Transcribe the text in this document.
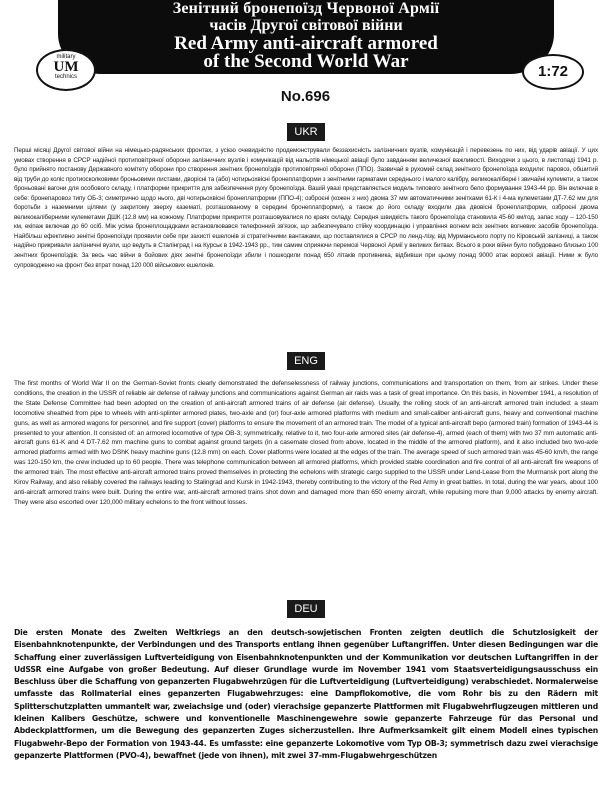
Зенітний бронепоїзд Червоної Армії
часів Другої світової війни
Red Army anti-aircraft armored
of the Second World War
military
UM
technics	1:72
No.696
UKR

Перші місяці Другої світової війни на німецько-радянських фронтах, з усією очевидністю продемонстрували беззахисність залізничних вузлів, комунікацій і перевезень по них, від ударів авіації. У цих умовах створення в СРСР надійної протиповітряної оборони залізничних вузлів і комунікацій від нальотів німецької авіації було завданням величезної важливості. Виходячи з цього, в листопаді 1941 р. було прийнято постанову Державного комітету оборони про створення зенітних бронепоїздів протиповітряної оборони (ППО). Зазвичай в рухомий склад зенітного бронепоїзда входили: паровоз, обшитий від труби до коліс протиосколковими броньовими листами, дворісні та (або) чотирьохвісні бронеплатформи з зенітними гарматами середнього і малого калібру, великокаліберні і звичайні кулемети, а також броньовані вагони для особового складу, і платформи прикриття для забезпечення руху бронепоїзда. Вашій увазі представляється модель типового зенітного бепо формування 1943-44 рр. Він включав в себе: бронепаровоз типу ОБ-3; симетрично щодо нього, дві чотирьохвісні бронеплатформи (ППО-4); озброєні (кожен з них) двома 37 мм автоматичними зенітками 61-К і 4-ма кулеметами ДТ-7.62 мм для боротьби з наземними цілями (у закритому зверху казематі, розташованому в середині бронеплатформи), а також до його складу входили два двовісні бронеплатформи, озброєні двома великокаліберними кулеметами ДШК (12.8 мм) на кожному. Платформи прикриття розташовувалися по краях складу. Середня швидкість такого бронепоїзда становила 45-60 км/год, запас ходу – 120-150 км, екіпаж включав до 60 осіб. Між усіма бронеплощадками встановлювався телефонний зв'язок, що забезпечувало стійку координацію і управління вогнем всіх зенітних вогневих засобів бронепоїзда. Найбільш ефективно зенітні бронепоїзди проявили себе при захисті ешелонів зі стратегічними вантажами, що поставлялися в СРСР по ленд-лізу, від Мурманського порту по Кіровській залізниці, а також надійно прикривали залізничні вузли, що ведуть в Сталінград і на Курськ в 1942-1943 рр., тим самим сприяючи перемозі Червоної Армії у великих битвах. Всього в роки війни було побудовано близько 100 зенітних бронепоїздів. За весь час війни в бойових діях зенітні бронепоїзди збили і пошкодили понад 650 літаків противника, відбивши при цьому понад 9000 атак ворожої авіації. Ними ж було супроводжено на фронт без втрат понад 120 000 військових ешелонів.

ENG

The first months of World War II on the German-Soviet fronts clearly demonstrated the defenselessness of railway junctions, communications and transportation on them, from air strikes. Under these conditions, the creation in the USSR of reliable air defense of railway junctions and communications against German air raids was a task of great importance. On this basis, in November 1941, a resolution of the State Defense Committee had been adopted on the creation of anti-aircraft armored trains of air defense (air defense). Usually, the rolling stock of an anti-aircraft armored train included: a steam locomotive sheathed from pipe to wheels with anti-splinter armored plates, two-axle and (or) four-axle armored platforms with medium and small-caliber anti-aircraft guns, heavy and conventional machine guns, as well as armored wagons for personnel, and fire support (cover) platforms to ensure the movement of an armored train. The model of a typical anti-aircraft bepo (armored train) formation of 1943-44 is presented to your attention. It consisted of: an armored locomotive of type OB-3; symmetrically, relative to it, two four-axle armored sites (air defense-4), armed (each of them) with two 37 mm automatic anti-aircraft guns 61-K and 4 DT-7.62 mm machine guns to combat against ground targets (in a casemate closed from above, located in the middle of the armored platform), and it also included two two-axle armored platforms armed with two DShK heavy machine guns (12.8 mm) on each. Cover platforms were located at the edges of the train. The average speed of such armored train was 45-60 km/h, the range was 120-150 km, the crew included up to 60 people. There was telephone communication between all armored platforms, which provided stable coordination and fire control of all anti-aircraft fire weapons of the armored train. The most effective anti-aircraft armored trains proved themselves in protecting the echelons with strategic cargo supplied to the USSR under Lend-Lease from the Murmansk port along the Kirov Railway, and also reliably covered the railways leading to Stalingrad and Kursk in 1942-1943, thereby contributing to the victory of the Red Army in great battles. In total, during the war years, about 100 anti-aircraft armored trains were built. During the entire war, anti-aircraft armored trains shot down and damaged more than 650 enemy aircraft, while repulsing more than 9,000 attacks by enemy aircraft. They were also escorted over 120,000 military echelons to the front without losses.

DEU

Die ersten Monate des Zweiten Weltkriegs an den deutsch-sowjetischen Fronten zeigten deutlich die Schutzlosigkeit der Eisenbahnknotenpunkte, der Verbindungen und des Transports entlang ihnen gegenüber Luftangriffen. Unter diesen Bedingungen war die Schaffung einer zuverlässigen Luftverteidigung von Eisenbahnknotenpunkten und der Kommunikation vor deutschen Luftangriffen in der UdSSR eine Aufgabe von großer Bedeutung. Auf dieser Grundlage wurde im November 1941 vom Staatsverteidigungsausschuss ein Beschluss über die Schaffung von gepanzerten Flugabwehrzügen für die Luftverteidigung (Luftverteidigung) verabschiedet. Normalerweise umfasste das Rollmaterial eines gepanzerten Flugabwehrzuges: eine Dampflokomotive, die vom Rohr bis zu den Rädern mit Splitterschutzplatten ummantelt war, zweiachsige und (oder) vierachsige gepanzerte Plattformen mit Flugabwehrflugzeugen mittleren und kleinen Kalibers Geschütze, schwere und konventionelle Maschinengewehre sowie gepanzerte Fahrzeuge für das Personal und Abdeckplattformen, um die Bewegung des gepanzerten Zuges sicherzustellen. Ihre Aufmerksamkeit gilt einem Modell eines typischen Flugabwehr-Bepo der Formation von 1943-44. Es umfasste: eine gepanzerte Lokomotive vom Typ OB-3; symmetrisch dazu zwei vierachsige gepanzerte Plattformen (PVO-4), bewaffnet (jede von ihnen), mit zwei 37-mm-Flugabwehrgeschützen
